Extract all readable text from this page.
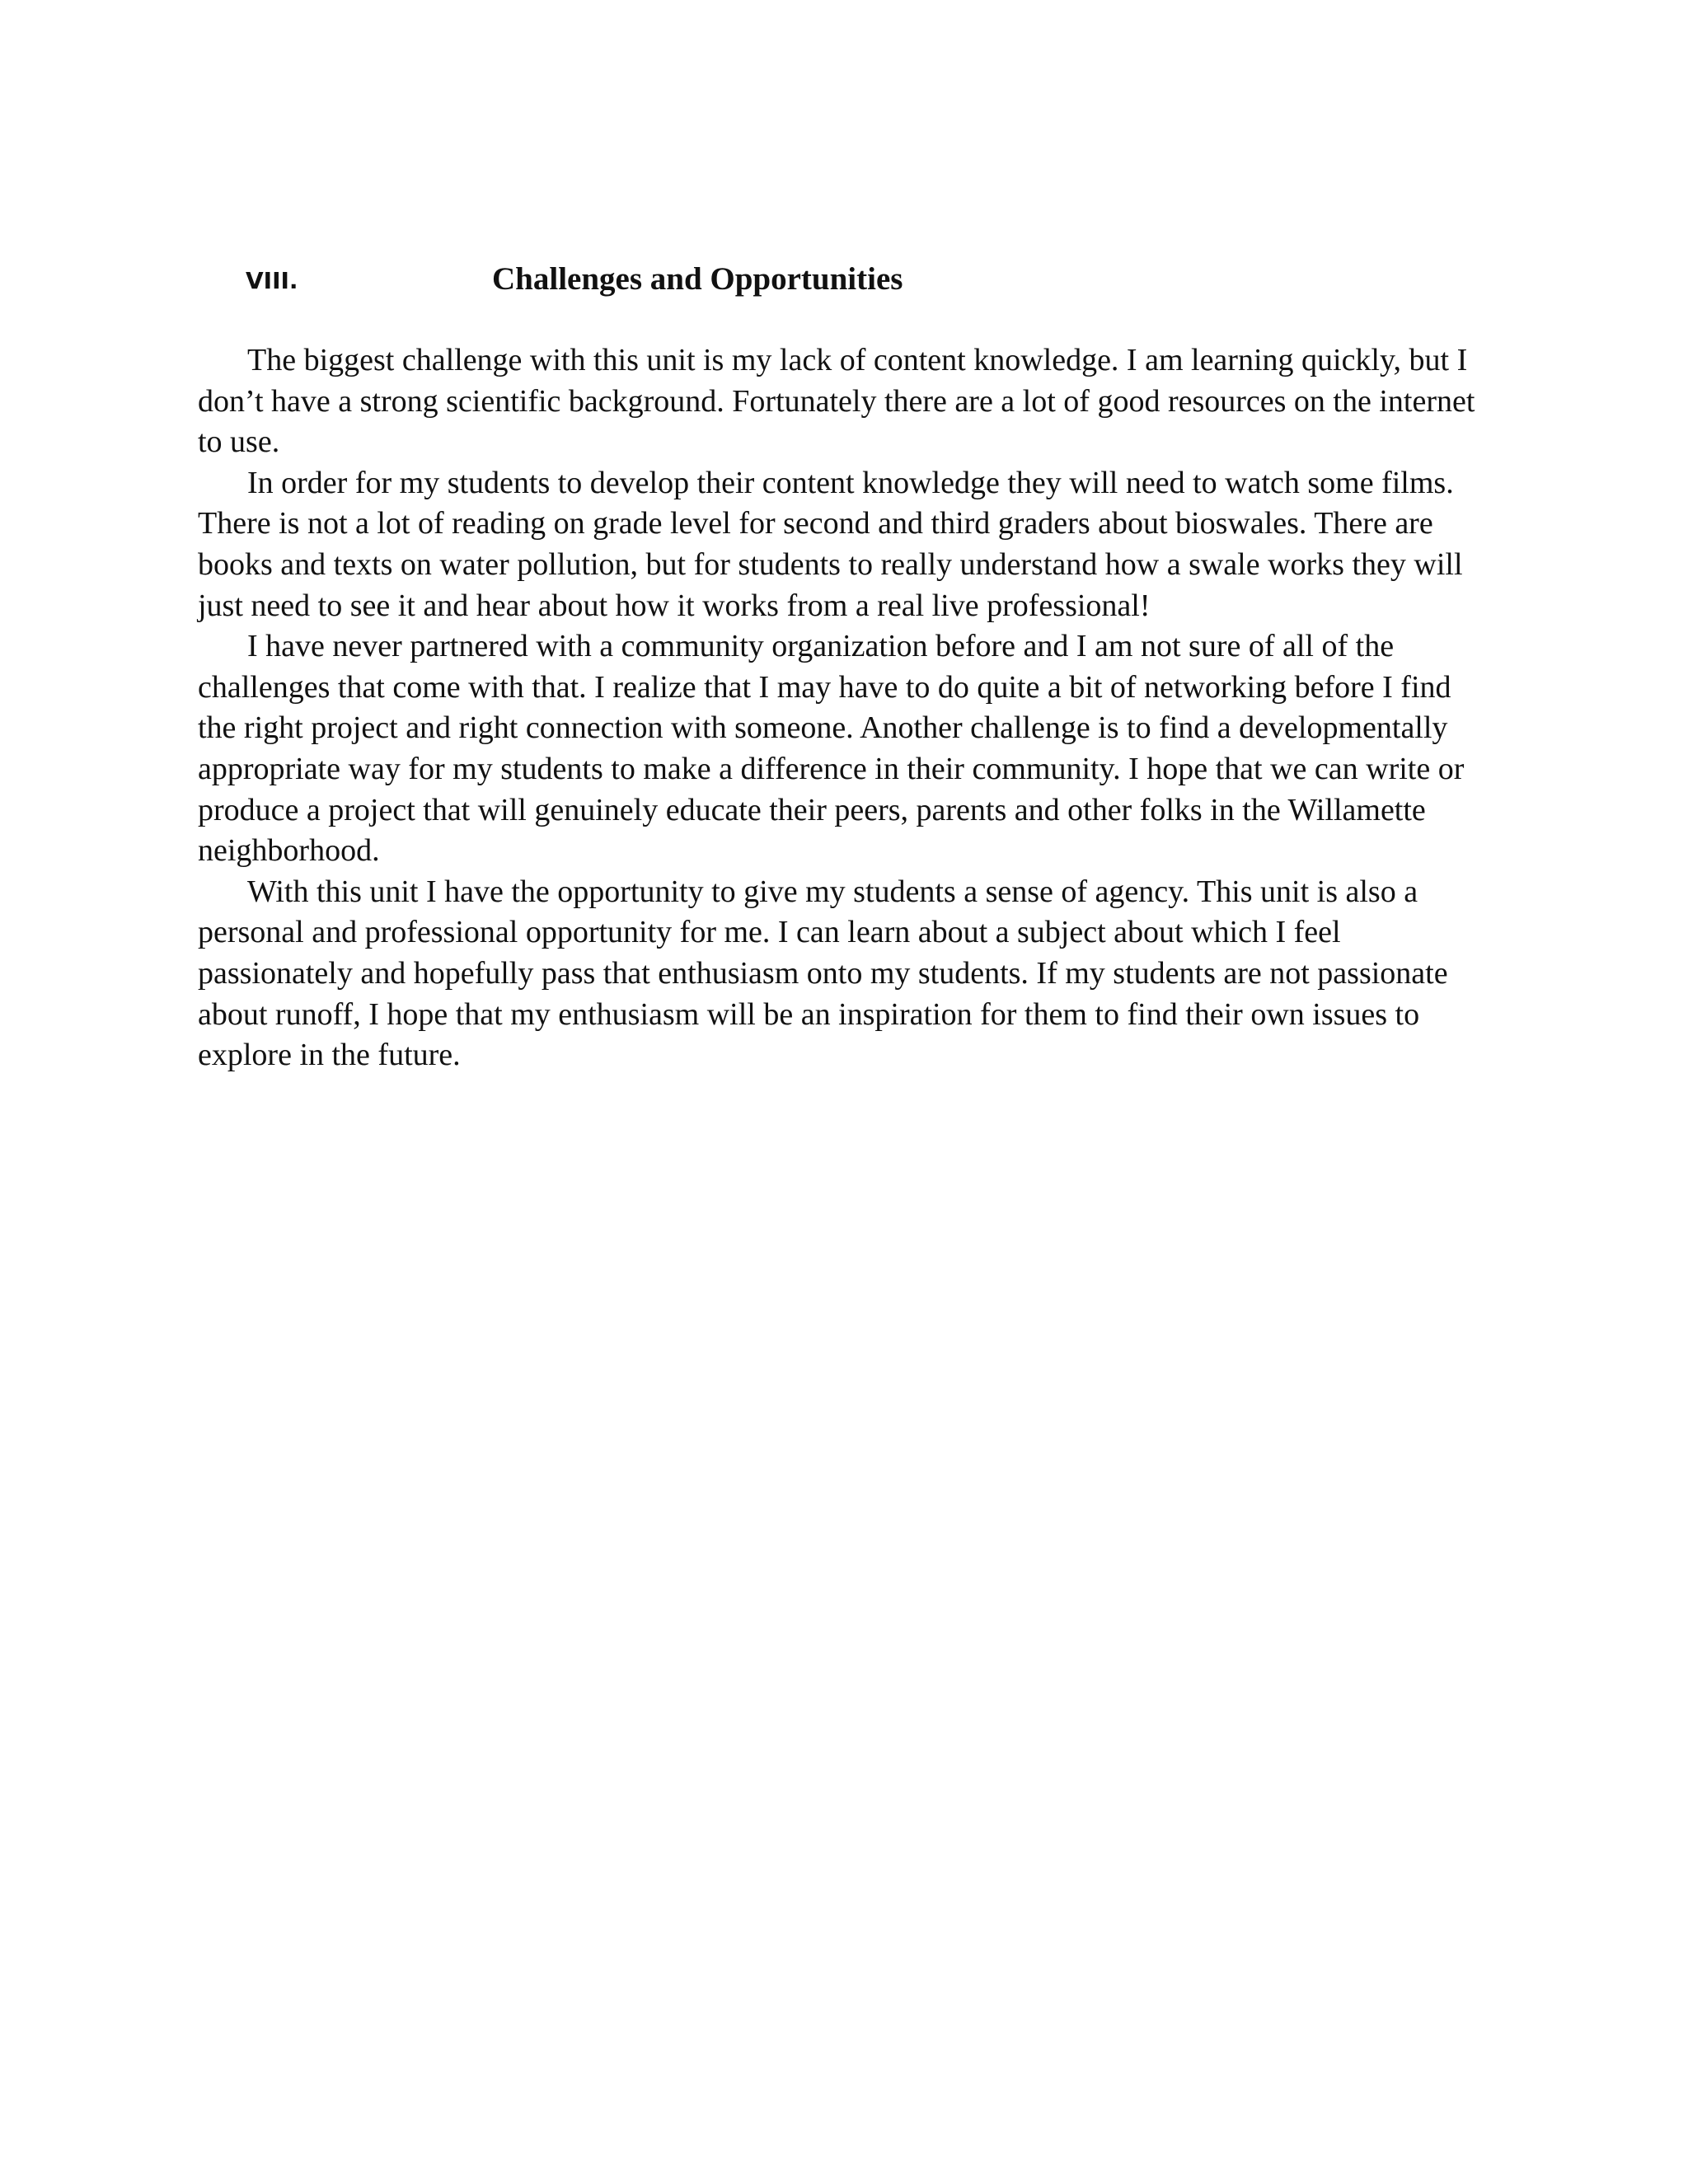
VIII.	Challenges and Opportunities

The biggest challenge with this unit is my lack of content knowledge. I am learning quickly, but I don’t have a strong scientific background. Fortunately there are a lot of good resources on the internet to use.

In order for my students to develop their content knowledge they will need to watch some films. There is not a lot of reading on grade level for second and third graders about bioswales. There are books and texts on water pollution, but for students to really understand how a swale works they will just need to see it and hear about how it works from a real live professional!

I have never partnered with a community organization before and I am not sure of all of the challenges that come with that. I realize that I may have to do quite a bit of networking before I find the right project and right connection with someone. Another challenge is to find a developmentally appropriate way for my students to make a difference in their community. I hope that we can write or produce a project that will genuinely educate their peers, parents and other folks in the Willamette neighborhood.

With this unit I have the opportunity to give my students a sense of agency. This unit is also a personal and professional opportunity for me. I can learn about a subject about which I feel passionately and hopefully pass that enthusiasm onto my students. If my students are not passionate about runoff, I hope that my enthusiasm will be an inspiration for them to find their own issues to explore in the future.
